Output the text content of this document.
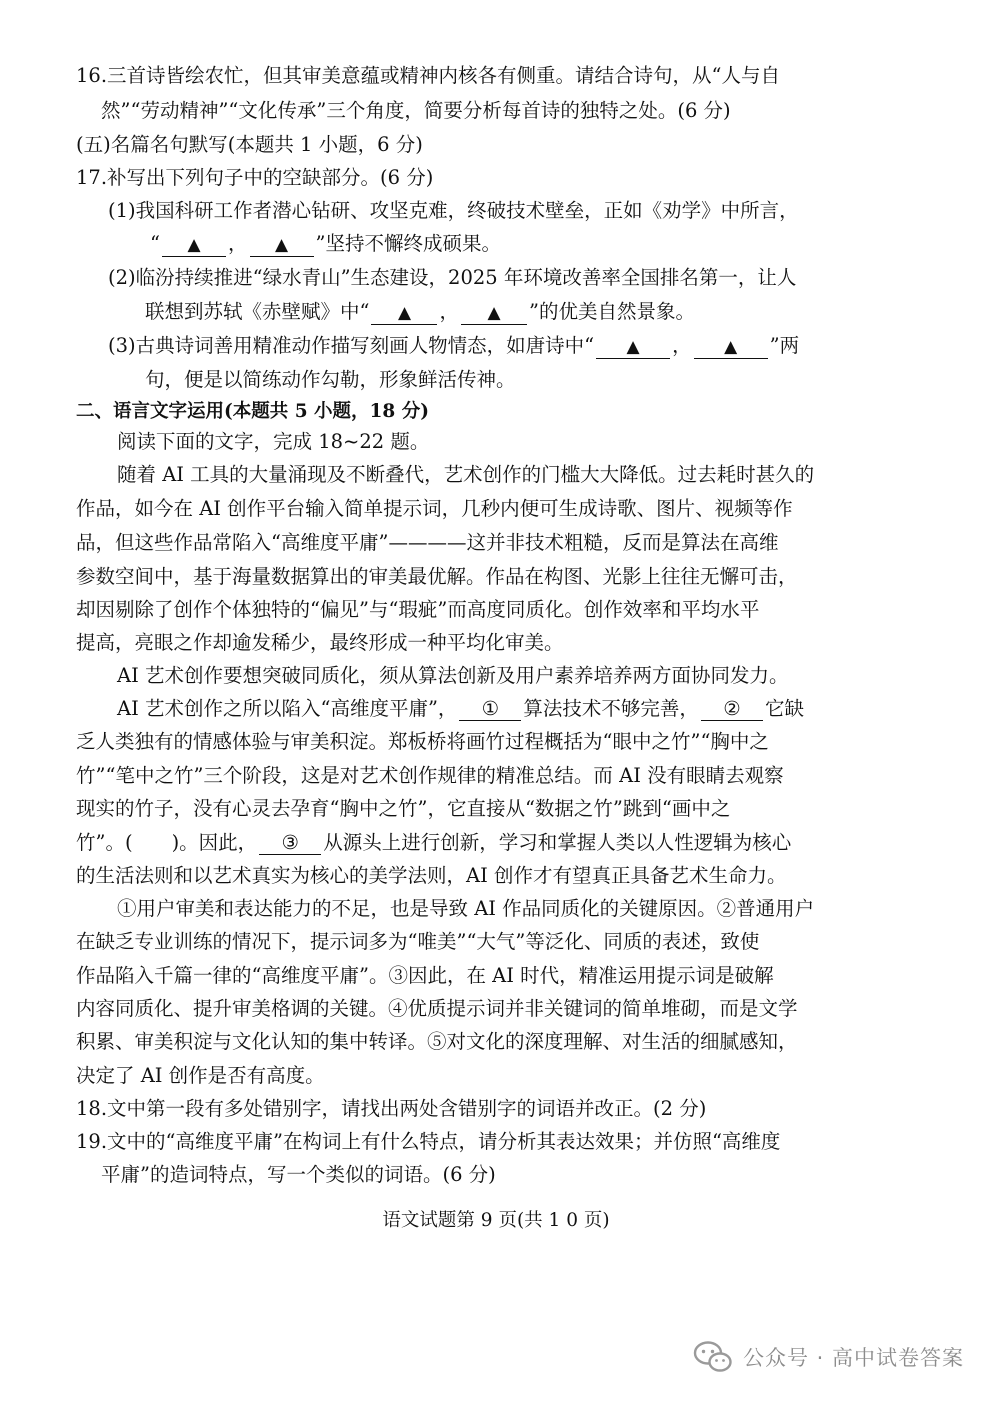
16.三首诗皆绘农忙，但其审美意蕴或精神内核各有侧重。请结合诗句，从“人与自
然”“劳动精神”“文化传承”三个角度，简要分析每首诗的独特之处。(6 分)
(五)名篇名句默写(本题共 1 小题，6 分)
17.补写出下列句子中的空缺部分。(6 分)
(1)我国科研工作者潜心钻研、攻坚克难，终破技术壁垒，正如《劝学》中所言，
“ ▲ ， ▲ ”坚持不懈终成硕果。
(2)临汾持续推进“绿水青山”生态建设，2025 年环境改善率全国排名第一，让人
联想到苏轼《赤壁赋》中“ ▲ ， ▲ ”的优美自然景象。
(3)古典诗词善用精准动作描写刻画人物情态，如唐诗中“ ▲ ， ▲ ”两
句，便是以简练动作勾勒，形象鲜活传神。
二、语言文字运用(本题共 5 小题，18 分)
阅读下面的文字，完成 18~22 题。
随着 AI 工具的大量涌现及不断叠代，艺术创作的门槛大大降低。过去耗时甚久的
作品，如今在 AI 创作平台输入简单提示词，几秒内便可生成诗歌、图片、视频等作
品，但这些作品常陷入“高维度平庸”————这并非技术粗糙，反而是算法在高维
参数空间中，基于海量数据算出的审美最优解。作品在构图、光影上往往无懈可击，
却因剔除了创作个体独特的“偏见”与“瑕疵”而高度同质化。创作效率和平均水平
提高，亮眼之作却逾发稀少，最终形成一种平均化审美。
AI 艺术创作要想突破同质化，须从算法创新及用户素养培养两方面协同发力。
AI 艺术创作之所以陷入“高维度平庸”， ① 算法技术不够完善， ② 它缺
乏人类独有的情感体验与审美积淀。郑板桥将画竹过程概括为“眼中之竹”“胸中之
竹”“笔中之竹”三个阶段，这是对艺术创作规律的精准总结。而 AI 没有眼睛去观察
现实的竹子，没有心灵去孕育“胸中之竹”，它直接从“数据之竹”跳到“画中之
竹”。(　　)。因此， ③ 从源头上进行创新，学习和掌握人类以人性逻辑为核心
的生活法则和以艺术真实为核心的美学法则，AI 创作才有望真正具备艺术生命力。
①用户审美和表达能力的不足，也是导致 AI 作品同质化的关键原因。②普通用户
在缺乏专业训练的情况下，提示词多为“唯美”“大气”等泛化、同质的表述，致使
作品陷入千篇一律的“高维度平庸”。③因此，在 AI 时代，精准运用提示词是破解
内容同质化、提升审美格调的关键。④优质提示词并非关键词的简单堆砌，而是文学
积累、审美积淀与文化认知的集中转译。⑤对文化的深度理解、对生活的细腻感知，
决定了 AI 创作是否有高度。
18.文中第一段有多处错别字，请找出两处含错别字的词语并改正。(2 分)
19.文中的“高维度平庸”在构词上有什么特点，请分析其表达效果；并仿照“高维度
平庸”的造词特点，写一个类似的词语。(6 分)
语文试题第 9 页(共 1 0 页)
公众号 · 高中试卷答案
